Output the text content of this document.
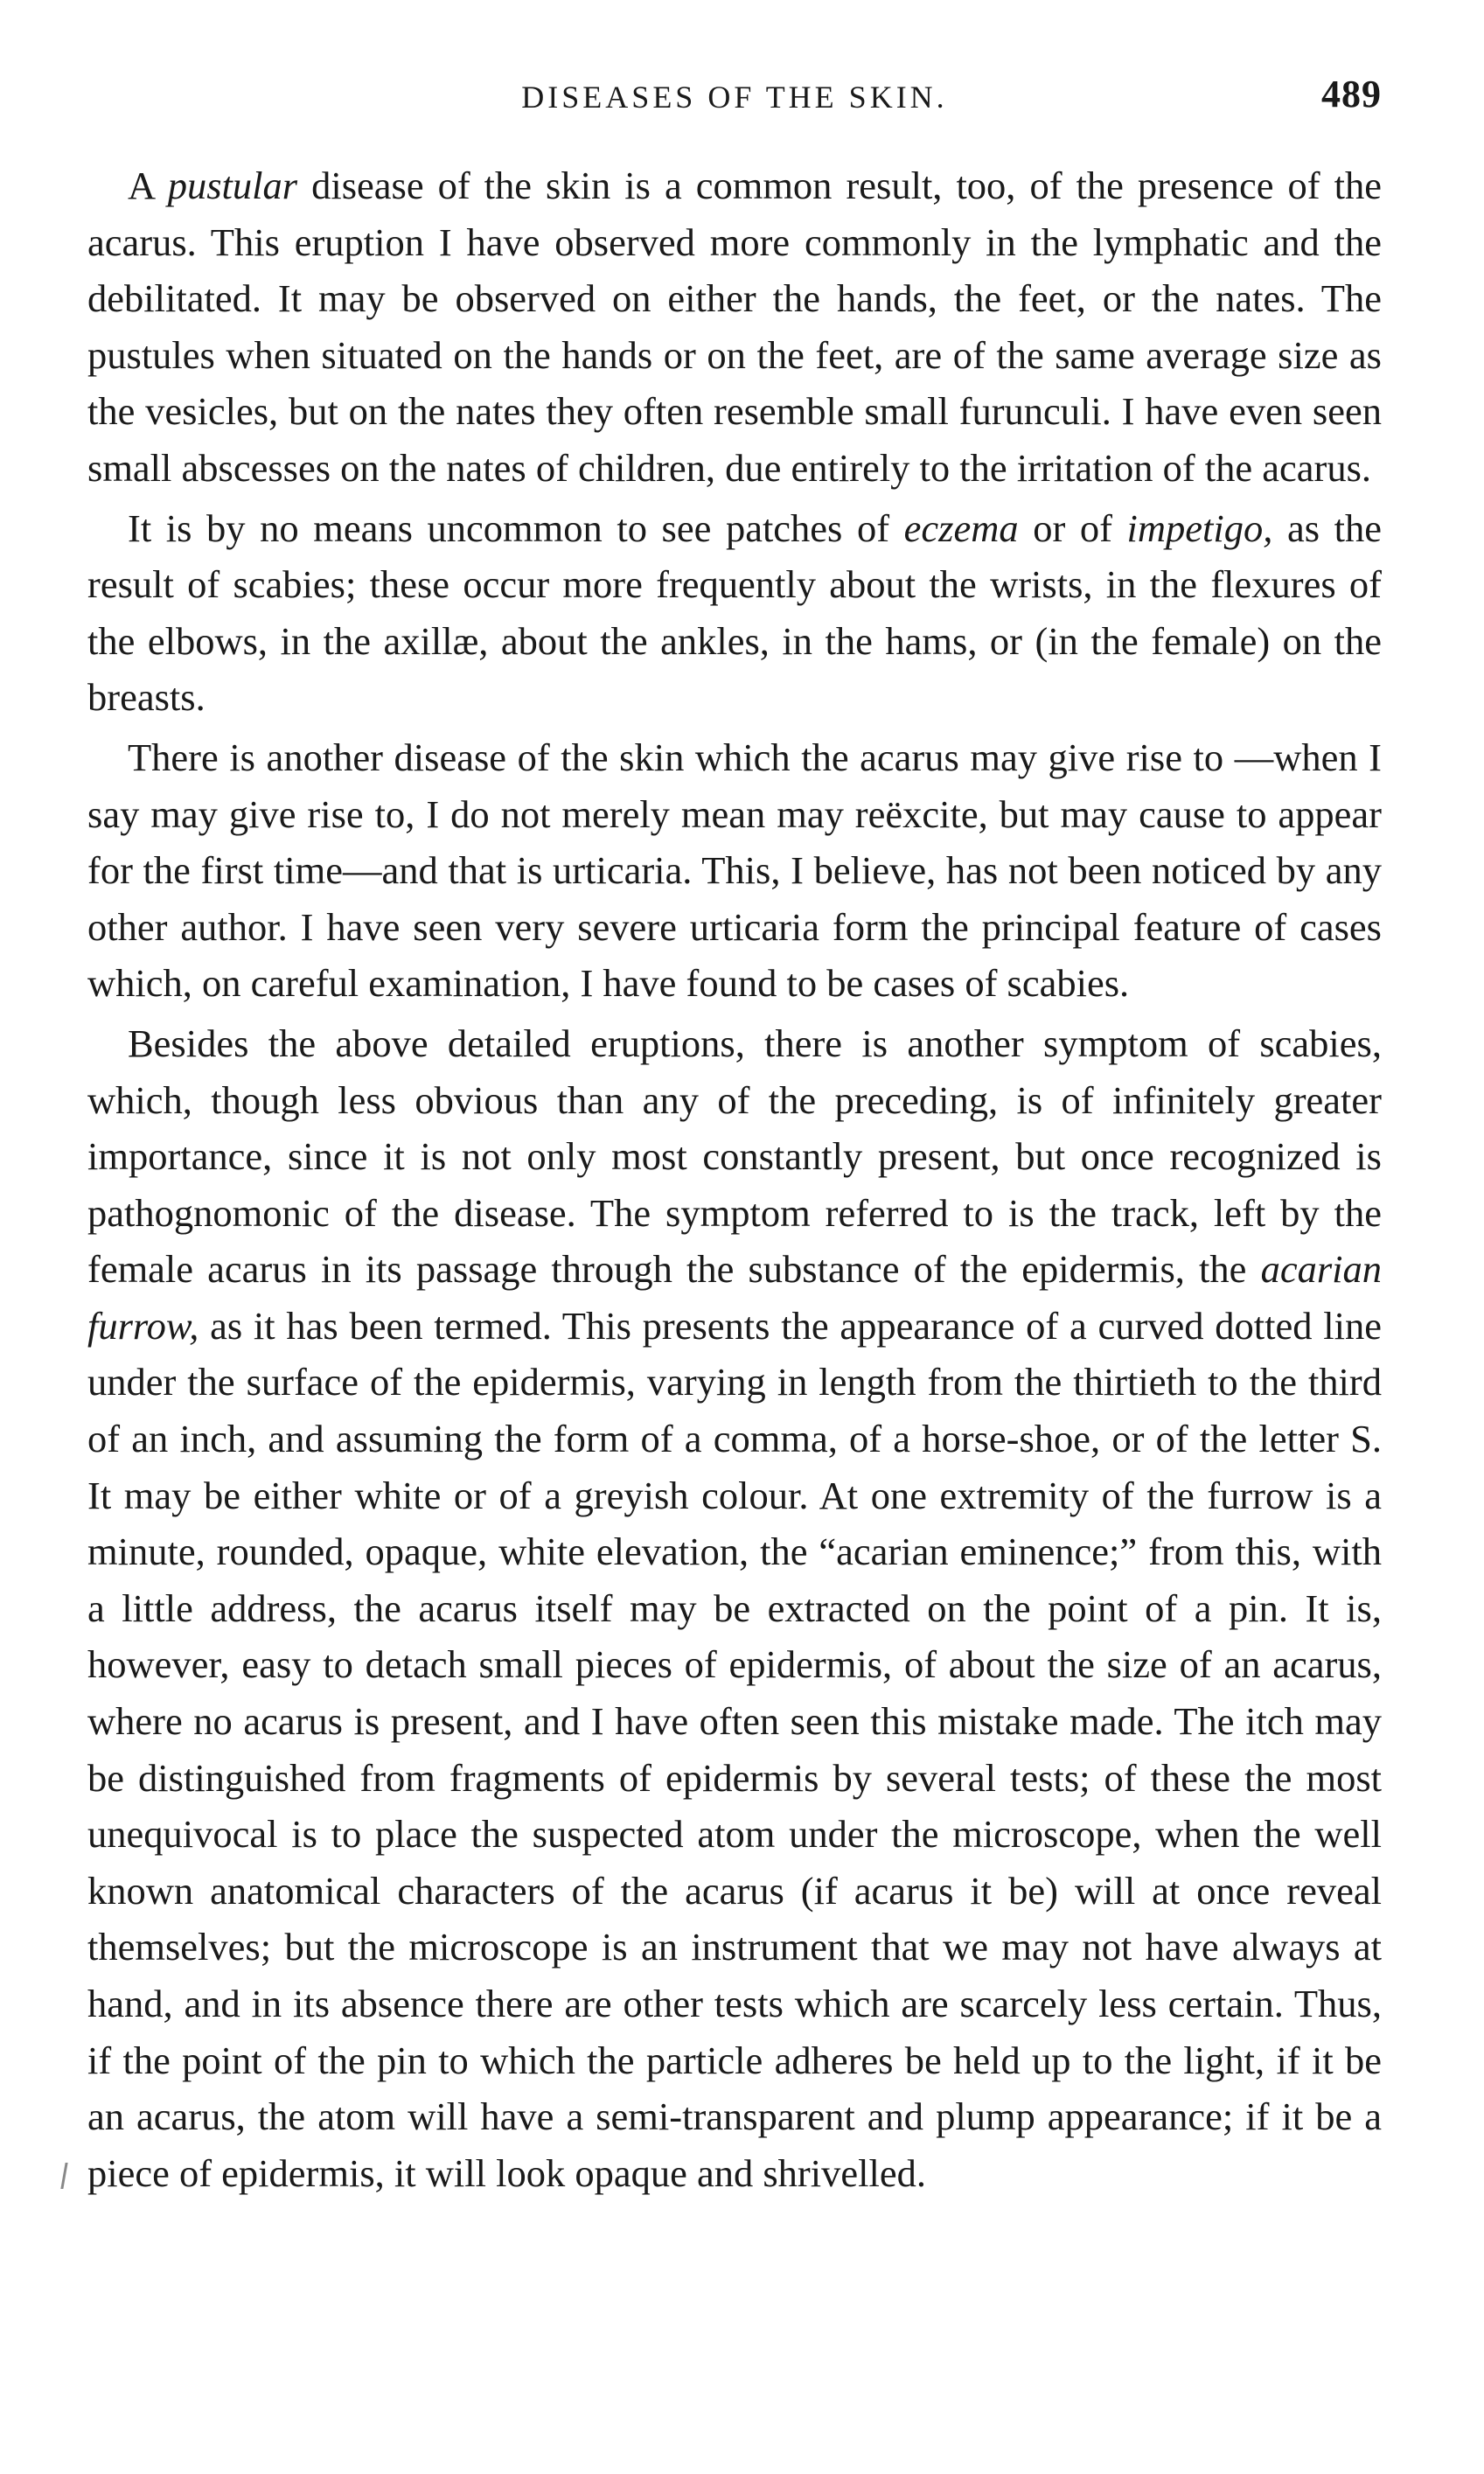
DISEASES OF THE SKIN.	489

A pustular disease of the skin is a common result, too, of the presence of the acarus. This eruption I have observed more commonly in the lymphatic and the debilitated. It may be observed on either the hands, the feet, or the nates. The pustules when situated on the hands or on the feet, are of the same average size as the vesicles, but on the nates they often resemble small furunculi. I have even seen small abscesses on the nates of children, due entirely to the irritation of the acarus.

It is by no means uncommon to see patches of eczema or of impetigo, as the result of scabies; these occur more frequently about the wrists, in the flexures of the elbows, in the axillæ, about the ankles, in the hams, or (in the female) on the breasts.

There is another disease of the skin which the acarus may give rise to —when I say may give rise to, I do not merely mean may reëxcite, but may cause to appear for the first time—and that is urticaria. This, I believe, has not been noticed by any other author. I have seen very severe urticaria form the principal feature of cases which, on careful examination, I have found to be cases of scabies.

Besides the above detailed eruptions, there is another symptom of scabies, which, though less obvious than any of the preceding, is of infinitely greater importance, since it is not only most constantly present, but once recognized is pathognomonic of the disease. The symptom referred to is the track, left by the female acarus in its passage through the substance of the epidermis, the acarian furrow, as it has been termed. This presents the appearance of a curved dotted line under the surface of the epidermis, varying in length from the thirtieth to the third of an inch, and assuming the form of a comma, of a horse-shoe, or of the letter S. It may be either white or of a greyish colour. At one extremity of the furrow is a minute, rounded, opaque, white elevation, the “acarian eminence;” from this, with a little address, the acarus itself may be extracted on the point of a pin. It is, however, easy to detach small pieces of epidermis, of about the size of an acarus, where no acarus is present, and I have often seen this mistake made. The itch may be distinguished from fragments of epidermis by several tests; of these the most unequivocal is to place the suspected atom under the microscope, when the well known anatomical characters of the acarus (if acarus it be) will at once reveal themselves; but the microscope is an instrument that we may not have always at hand, and in its absence there are other tests which are scarcely less certain. Thus, if the point of the pin to which the particle adheres be held up to the light, if it be an acarus, the atom will have a semi-transparent and plump appearance; if it be a piece of epidermis, it will look opaque and shrivelled.
